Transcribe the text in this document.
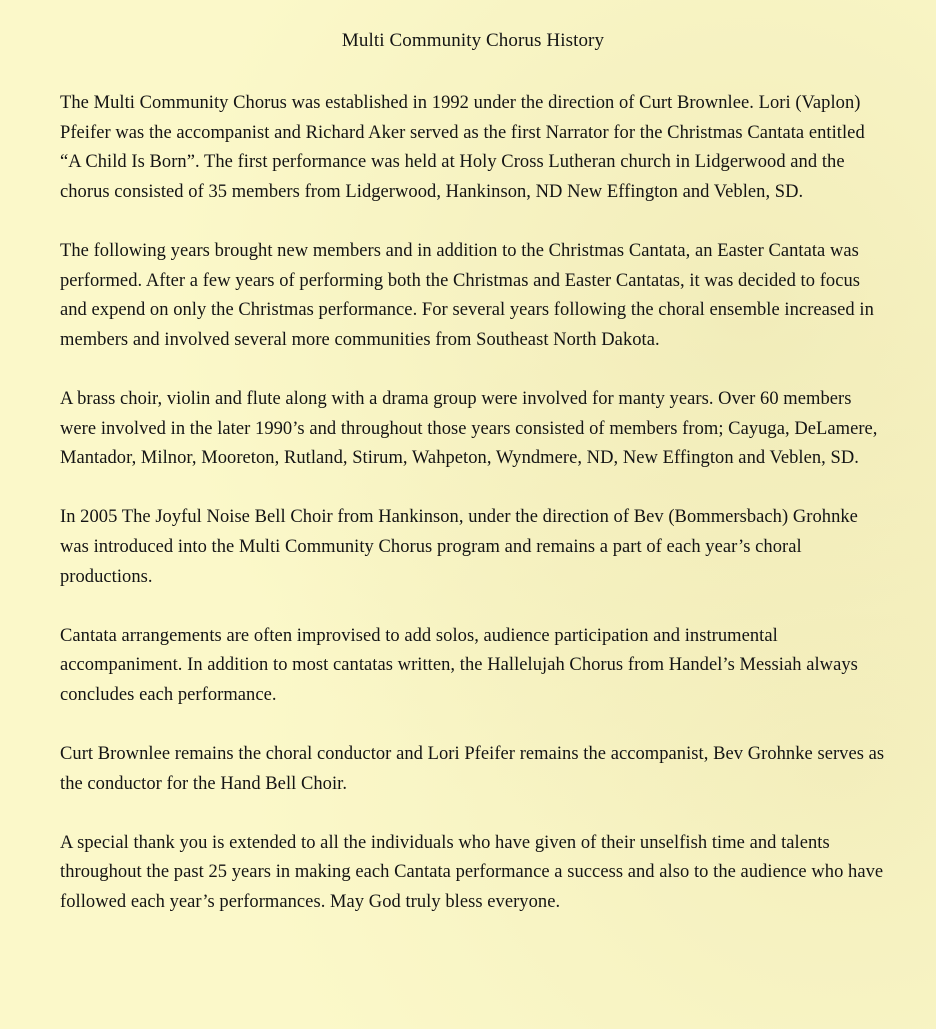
Multi Community Chorus History

The Multi Community Chorus was established in 1992 under the direction of Curt Brownlee. Lori (Vaplon) Pfeifer was the accompanist and Richard Aker served as the first Narrator for the Christmas Cantata entitled “A Child Is Born”. The first performance was held at Holy Cross Lutheran church in Lidgerwood and the chorus consisted of 35 members from Lidgerwood, Hankinson, ND New Effington and Veblen, SD.

The following years brought new members and in addition to the Christmas Cantata, an Easter Cantata was performed. After a few years of performing both the Christmas and Easter Cantatas, it was decided to focus and expend on only the Christmas performance. For several years following the choral ensemble increased in members and involved several more communities from Southeast North Dakota.

A brass choir, violin and flute along with a drama group were involved for manty years. Over 60 members were involved in the later 1990’s and throughout those years consisted of members from; Cayuga, DeLamere, Mantador, Milnor, Mooreton, Rutland, Stirum, Wahpeton, Wyndmere, ND, New Effington and Veblen, SD.

In 2005 The Joyful Noise Bell Choir from Hankinson, under the direction of Bev (Bommersbach) Grohnke was introduced into the Multi Community Chorus program and remains a part of each year’s choral productions.

Cantata arrangements are often improvised to add solos, audience participation and instrumental accompaniment. In addition to most cantatas written, the Hallelujah Chorus from Handel’s Messiah always concludes each performance.

Curt Brownlee remains the choral conductor and Lori Pfeifer remains the accompanist, Bev Grohnke serves as the conductor for the Hand Bell Choir.

A special thank you is extended to all the individuals who have given of their unselfish time and talents throughout the past 25 years in making each Cantata performance a success and also to the audience who have followed each year’s performances. May God truly bless everyone.
